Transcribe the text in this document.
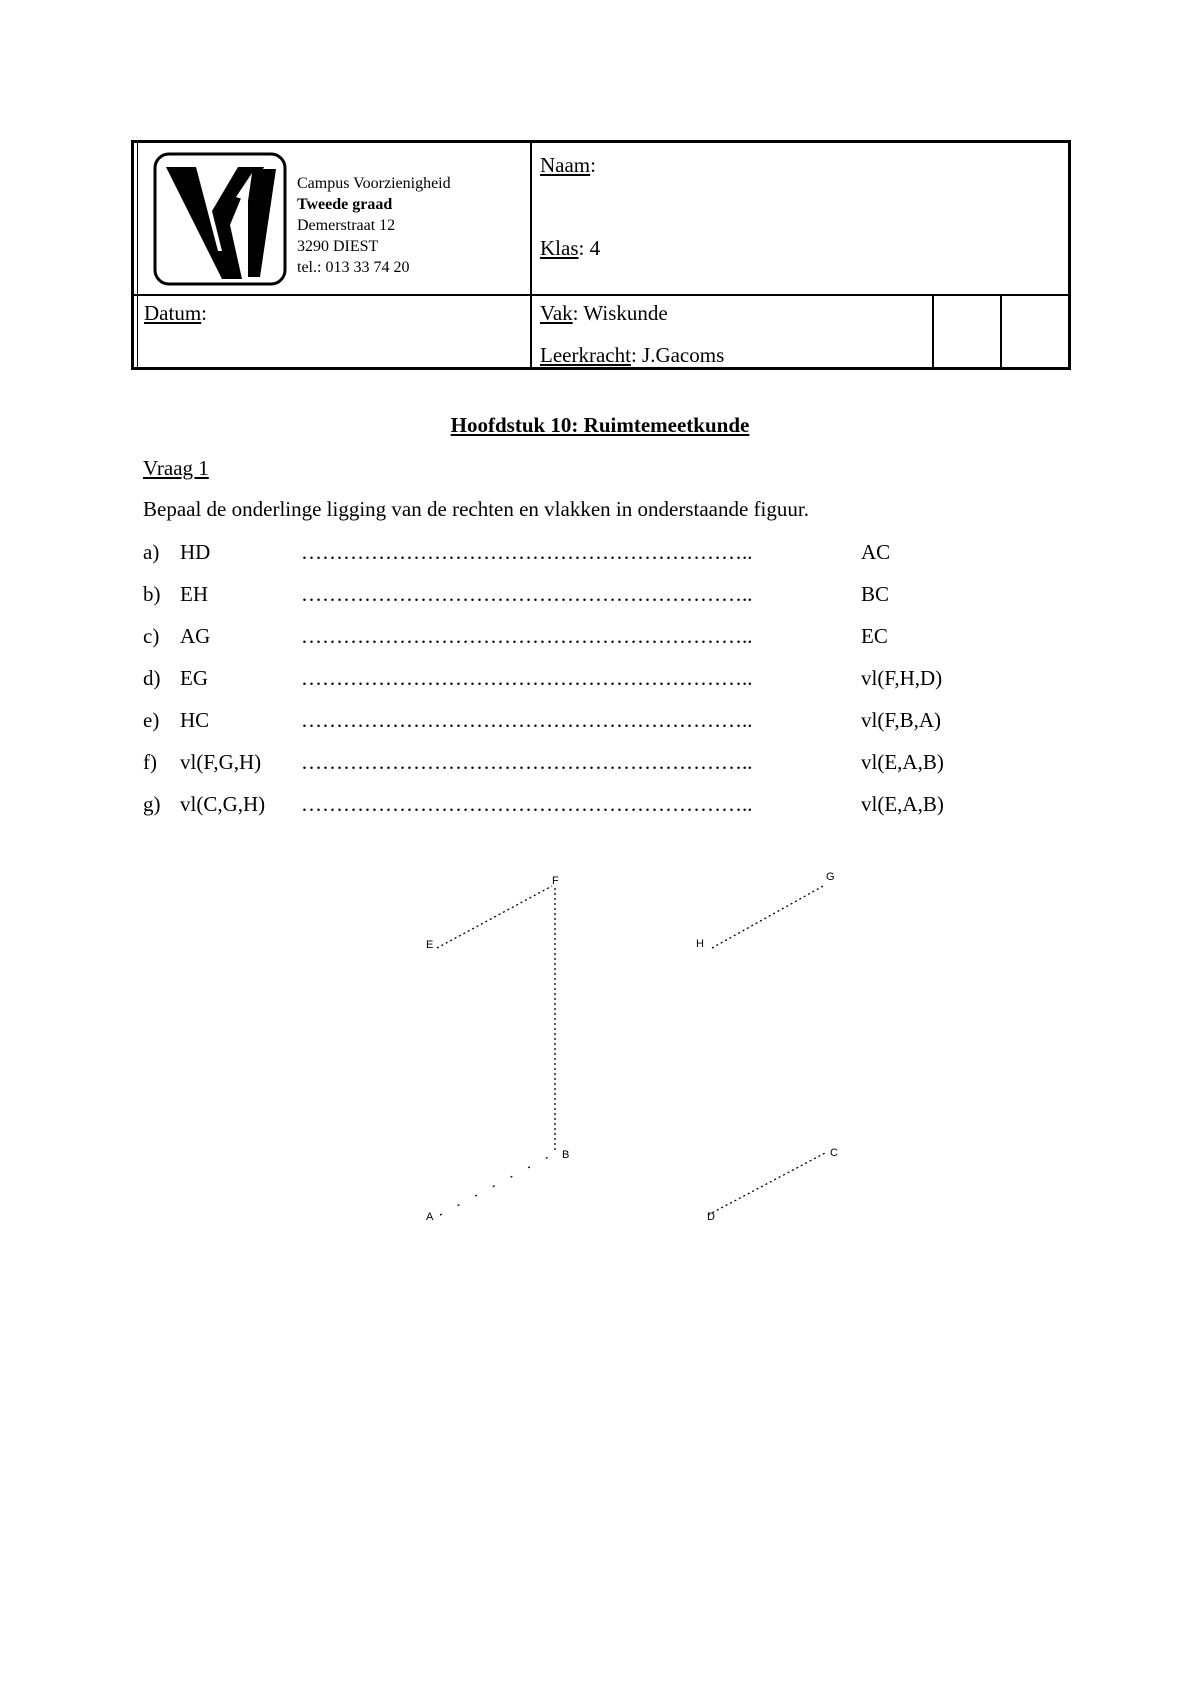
Campus Voorzienigheid
Tweede graad
Demerstraat 12
3290 DIEST
tel.: 013 33 74 20
Naam:
Klas: 4
Datum:	Vak: Wiskunde
Leerkracht: J.Gacoms
Hoofdstuk 10: Ruimtemeetkunde
Vraag 1
Bepaal de onderlinge ligging van de rechten en vlakken in onderstaande figuur.
a) HD	………………………………………………………..	AC
b) EH	………………………………………………………..	BC
c) AG	………………………………………………………..	EC
d) EG	………………………………………………………..	vl(F,H,D)
e) HC	………………………………………………………..	vl(F,B,A)
f) vl(F,G,H) ………………………………………………………..	vl(E,A,B)
g) vl(C,G,H) ………………………………………………………..	vl(E,A,B)
E
F
H
G
A
B
D
C
